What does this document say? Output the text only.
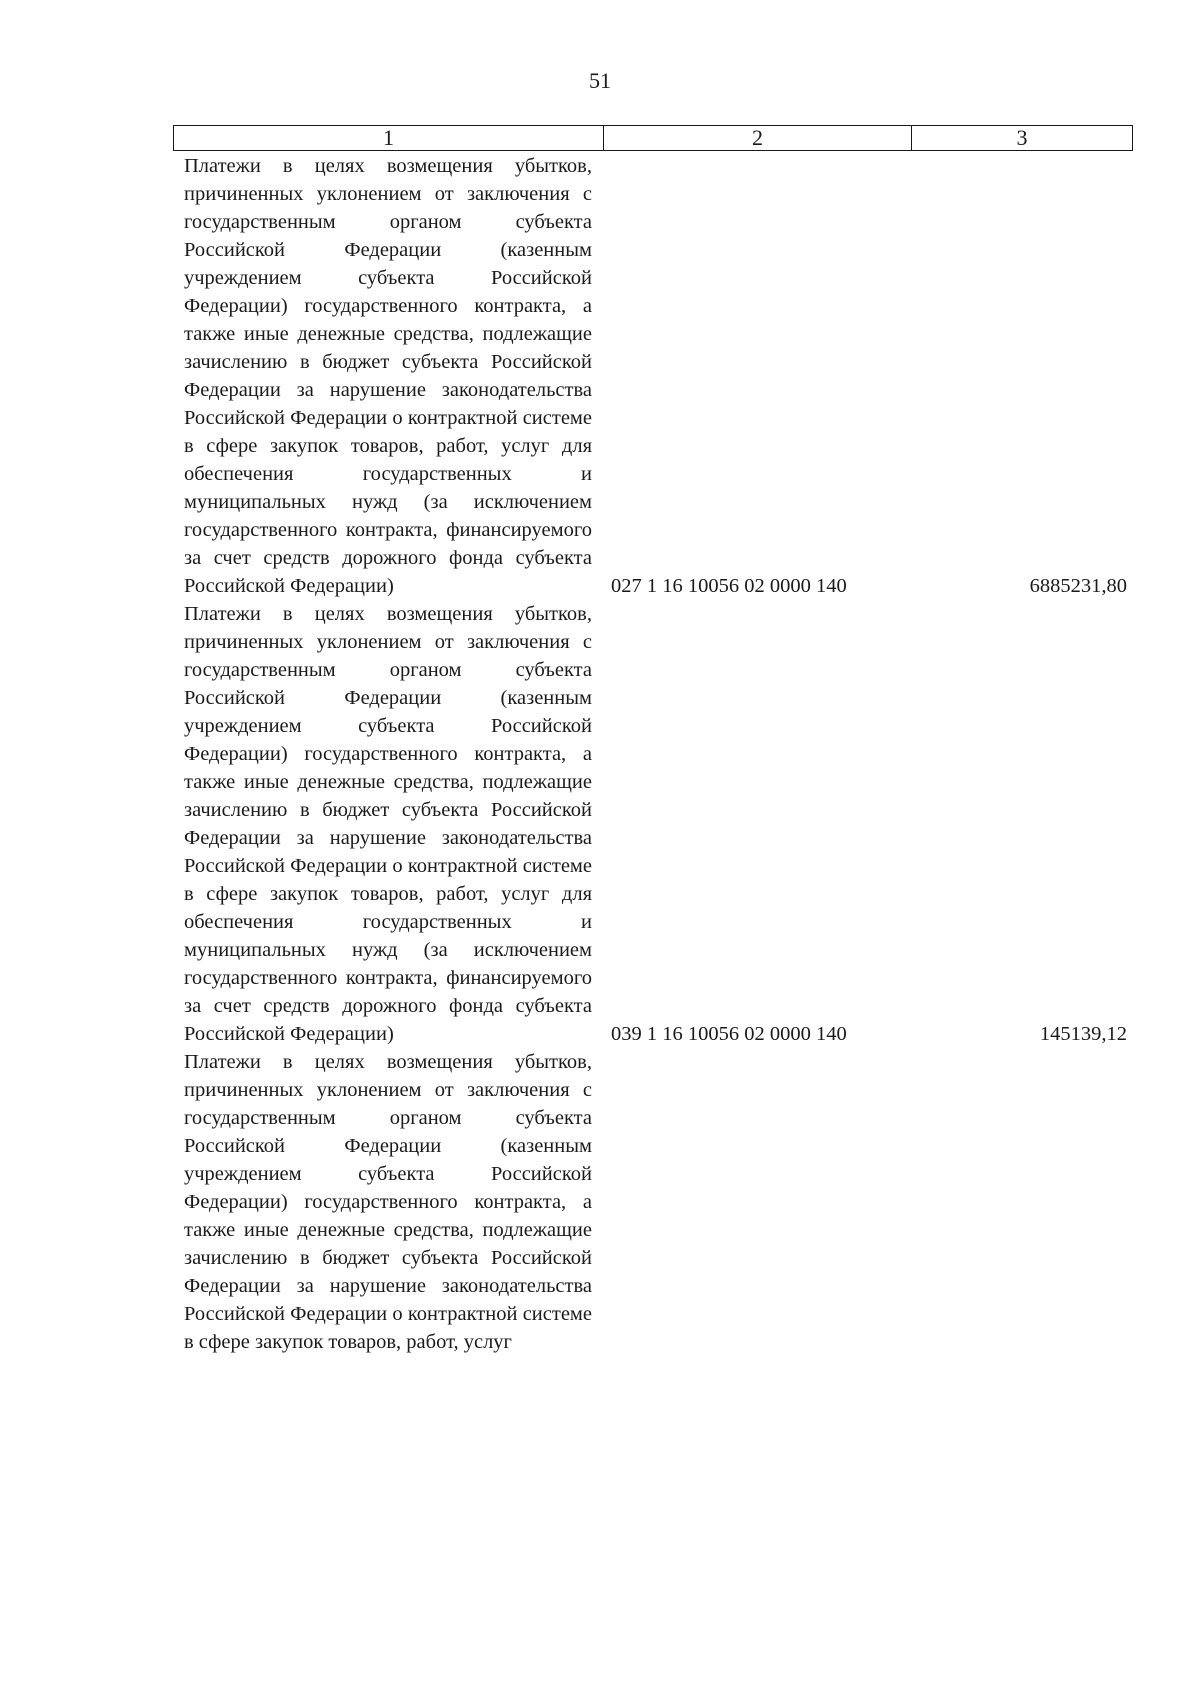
51
1	2	3
Платежи в целях возмещения убытков, причиненных уклонением от заключения с государственным органом субъекта Российской Федерации (казенным учреждением субъекта Российской Федерации) государственного контракта, а также иные денежные средства, подлежащие зачислению в бюджет субъекта Российской Федерации за нарушение законодательства Российской Федерации о контрактной системе в сфере закупок товаров, работ, услуг для обеспечения государственных и муниципальных нужд (за исключением государственного контракта, финансируемого за счет средств дорожного фонда субъекта Российской Федерации)	027 1 16 10056 02 0000 140	6885231,80
Платежи в целях возмещения убытков, причиненных уклонением от заключения с государственным органом субъекта Российской Федерации (казенным учреждением субъекта Российской Федерации) государственного контракта, а также иные денежные средства, подлежащие зачислению в бюджет субъекта Российской Федерации за нарушение законодательства Российской Федерации о контрактной системе в сфере закупок товаров, работ, услуг для обеспечения государственных и муниципальных нужд (за исключением государственного контракта, финансируемого за счет средств дорожного фонда субъекта Российской Федерации)	039 1 16 10056 02 0000 140	145139,12
Платежи в целях возмещения убытков, причиненных уклонением от заключения с государственным органом субъекта Российской Федерации (казенным учреждением субъекта Российской Федерации) государственного контракта, а также иные денежные средства, подлежащие зачислению в бюджет субъекта Российской Федерации за нарушение законодательства Российской Федерации о контрактной системе в сфере закупок товаров, работ, услуг
